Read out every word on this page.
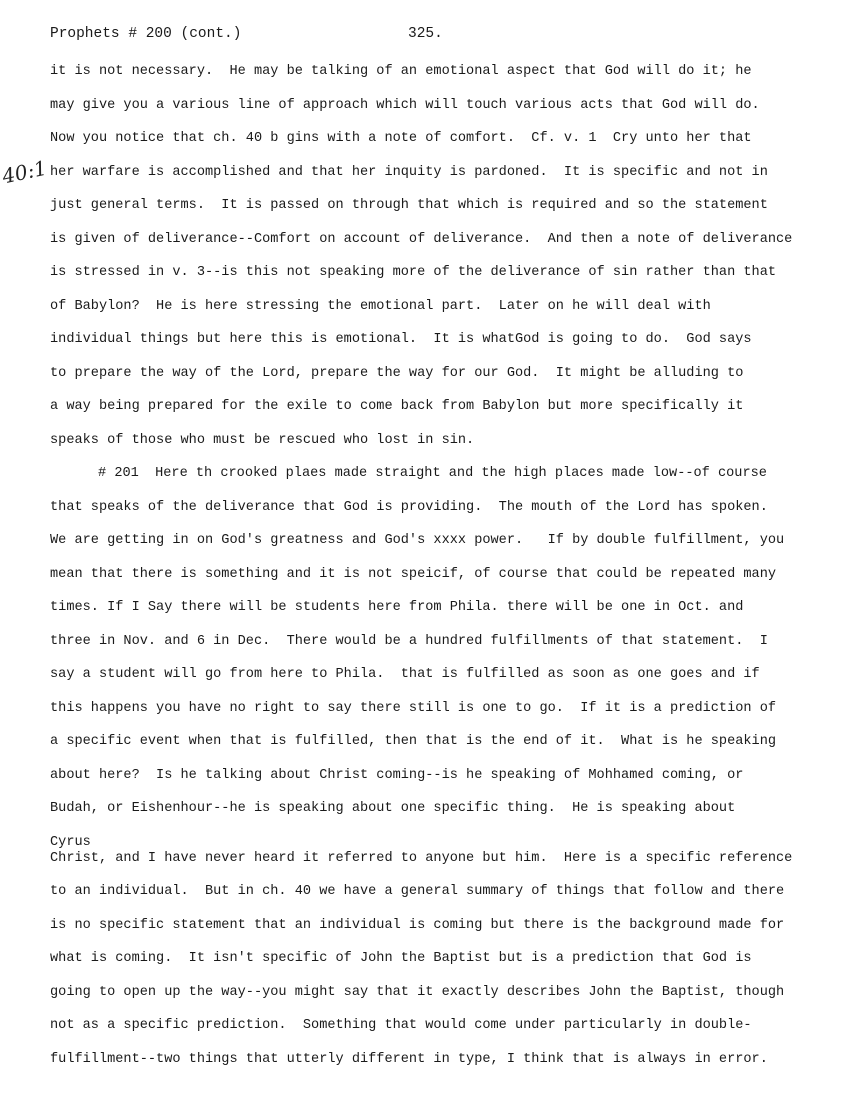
Prophets # 200 (cont.)	325.
40:1
it is not necessary.  He may be talking of an emotional aspect that God will do it; he
may give you a various line of approach which will touch various acts that God will do.
Now you notice that ch. 40 b gins with a note of comfort.  Cf. v. 1  Cry unto her that
her warfare is accomplished and that her inquity is pardoned.  It is specific and not in
just general terms.  It is passed on through that which is required and so the statement
is given of deliverance--Comfort on account of deliverance.  And then a note of deliverance
is stressed in v. 3--is this not speaking more of the deliverance of sin rather than that
of Babylon?  He is here stressing the emotional part.  Later on he will deal with
individual things but here this is emotional.  It is whatGod is going to do.  God says
to prepare the way of the Lord, prepare the way for our God.  It might be alluding to
a way being prepared for the exile to come back from Babylon but more specifically it
speaks of those who must be rescued who lost in sin.
# 201  Here th crooked plaes made straight and the high places made low--of course
that speaks of the deliverance that God is providing.  The mouth of the Lord has spoken.
We are getting in on God's greatness and God's xxxx power.   If by double fulfillment, you
mean that there is something and it is not speicif, of course that could be repeated many
times. If I Say there will be students here from Phila. there will be one in Oct. and
three in Nov. and 6 in Dec.  There would be a hundred fulfillments of that statement.  I
say a student will go from here to Phila.  that is fulfilled as soon as one goes and if
this happens you have no right to say there still is one to go.  If it is a prediction of
a specific event when that is fulfilled, then that is the end of it.  What is he speaking
about here?  Is he talking about Christ coming--is he speaking of Mohhamed coming, or
Budah, or Eishenhour--he is speaking about one specific thing.  He is speaking about
Cyrus
Christ, and I have never heard it referred to anyone but him.  Here is a specific reference
to an individual.  But in ch. 40 we have a general summary of things that follow and there
is no specific statement that an individual is coming but there is the background made for
what is coming.  It isn't specific of John the Baptist but is a prediction that God is
going to open up the way--you might say that it exactly describes John the Baptist, though
not as a specific prediction.  Something that would come under particularly in double-
fulfillment--two things that utterly different in type, I think that is always in error.
